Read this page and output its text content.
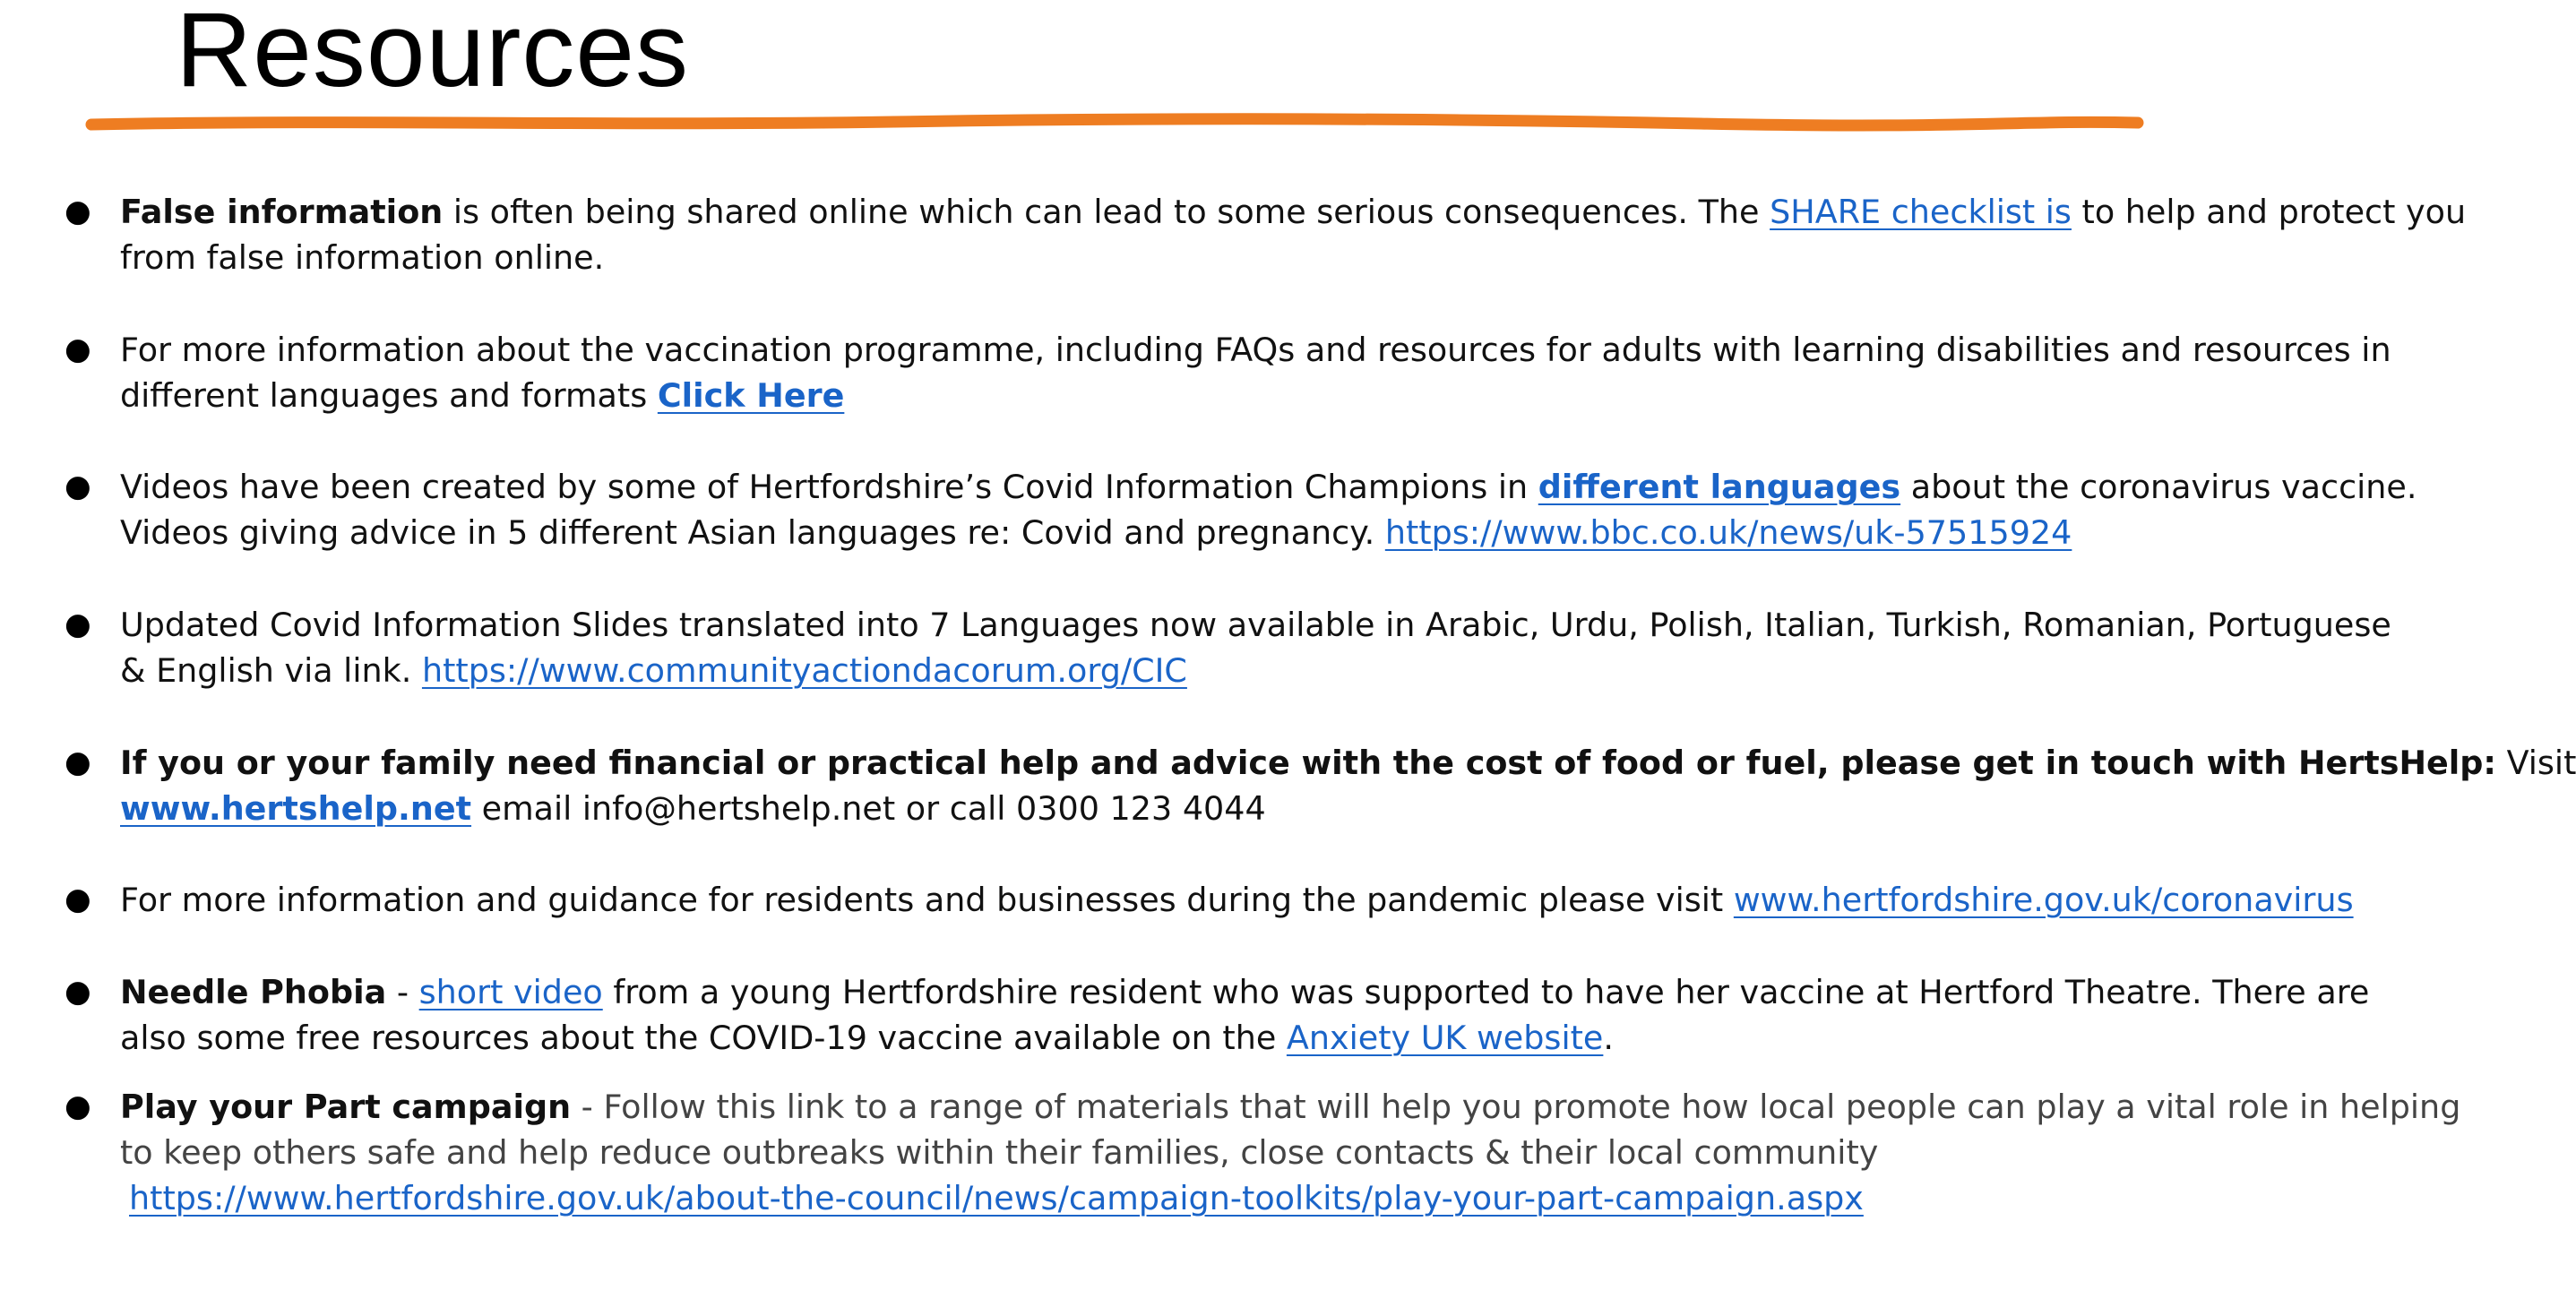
Resources
● False information is often being shared online which can lead to some serious consequences. The SHARE checklist is to help and protect you
from false information online.
● For more information about the vaccination programme, including FAQs and resources for adults with learning disabilities and resources in
different languages and formats Click Here
● Videos have been created by some of Hertfordshire’s Covid Information Champions in different languages about the coronavirus vaccine.
Videos giving advice in 5 different Asian languages re: Covid and pregnancy. https://www.bbc.co.uk/news/uk-57515924
● Updated Covid Information Slides translated into 7 Languages now available in Arabic, Urdu, Polish, Italian, Turkish, Romanian, Portuguese
& English via link. https://www.communityactiondacorum.org/CIC
● If you or your family need financial or practical help and advice with the cost of food or fuel, please get in touch with HertsHelp: Visit
www.hertshelp.net email info@hertshelp.net or call 0300 123 4044
● For more information and guidance for residents and businesses during the pandemic please visit www.hertfordshire.gov.uk/coronavirus
● Needle Phobia - short video from a young Hertfordshire resident who was supported to have her vaccine at Hertford Theatre. There are
also some free resources about the COVID-19 vaccine available on the Anxiety UK website.
● Play your Part campaign - Follow this link to a range of materials that will help you promote how local people can play a vital role in helping
to keep others safe and help reduce outbreaks within their families, close contacts & their local community
https://www.hertfordshire.gov.uk/about-the-council/news/campaign-toolkits/play-your-part-campaign.aspx
